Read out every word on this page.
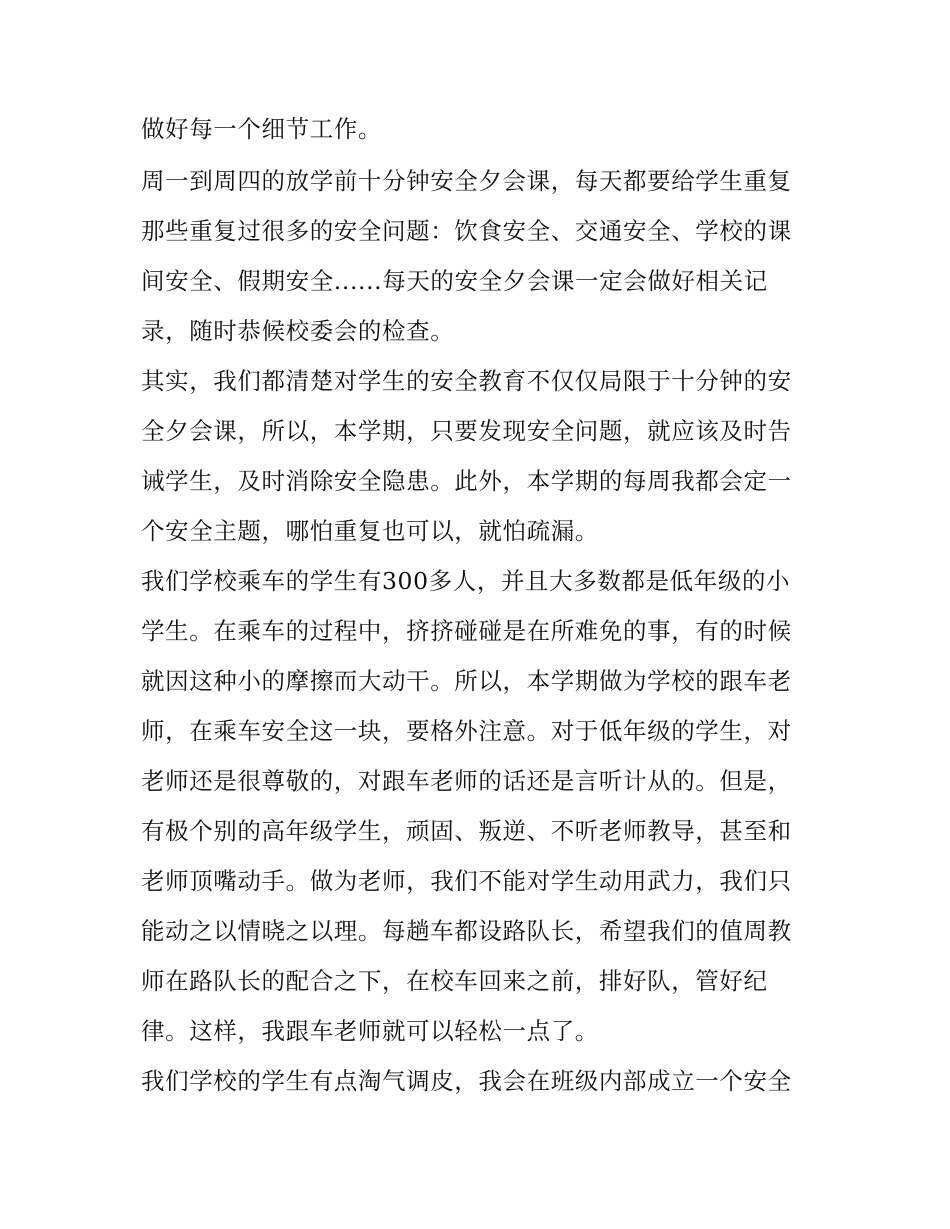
做好每一个细节工作。
周一到周四的放学前十分钟安全夕会课，每天都要给学生重复
那些重复过很多的安全问题：饮食安全、交通安全、学校的课
间安全、假期安全......每天的安全夕会课一定会做好相关记
录，随时恭候校委会的检查。
其实，我们都清楚对学生的安全教育不仅仅局限于十分钟的安
全夕会课，所以，本学期，只要发现安全问题，就应该及时告
诫学生，及时消除安全隐患。此外，本学期的每周我都会定一
个安全主题，哪怕重复也可以，就怕疏漏。
我们学校乘车的学生有300多人，并且大多数都是低年级的小
学生。在乘车的过程中，挤挤碰碰是在所难免的事，有的时候
就因这种小的摩擦而大动干。所以，本学期做为学校的跟车老
师，在乘车安全这一块，要格外注意。对于低年级的学生，对
老师还是很尊敬的，对跟车老师的话还是言听计从的。但是，
有极个别的高年级学生，顽固、叛逆、不听老师教导，甚至和
老师顶嘴动手。做为老师，我们不能对学生动用武力，我们只
能动之以情晓之以理。每趟车都设路队长，希望我们的值周教
师在路队长的配合之下，在校车回来之前，排好队，管好纪
律。这样，我跟车老师就可以轻松一点了。
我们学校的学生有点淘气调皮，我会在班级内部成立一个安全
